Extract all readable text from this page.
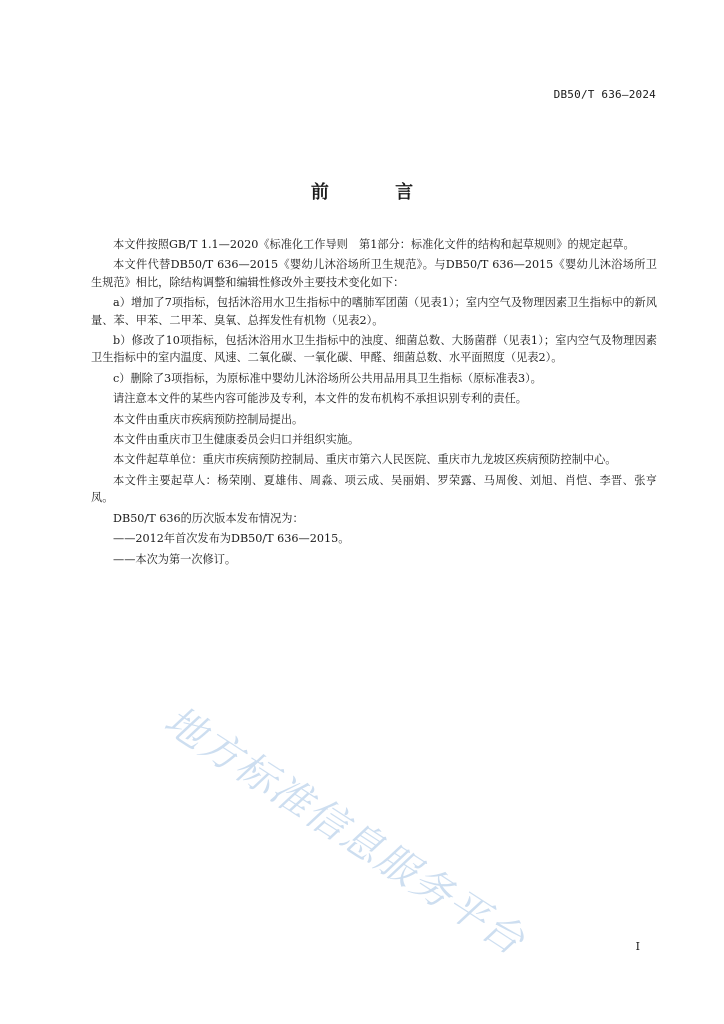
DB50/T 636—2024
前 言

本文件按照GB/T 1.1—2020《标准化工作导则　第1部分：标准化文件的结构和起草规则》的规定起草。

本文件代替DB50/T 636—2015《婴幼儿沐浴场所卫生规范》。与DB50/T 636—2015《婴幼儿沐浴场所卫生规范》相比，除结构调整和编辑性修改外主要技术变化如下：

a）增加了7项指标，包括沐浴用水卫生指标中的嗜肺军团菌（见表1）；室内空气及物理因素卫生指标中的新风量、苯、甲苯、二甲苯、臭氧、总挥发性有机物（见表2）。

b）修改了10项指标，包括沐浴用水卫生指标中的浊度、细菌总数、大肠菌群（见表1）；室内空气及物理因素卫生指标中的室内温度、风速、二氧化碳、一氧化碳、甲醛、细菌总数、水平面照度（见表2）。

c）删除了3项指标，为原标准中婴幼儿沐浴场所公共用品用具卫生指标（原标准表3）。

请注意本文件的某些内容可能涉及专利，本文件的发布机构不承担识别专利的责任。

本文件由重庆市疾病预防控制局提出。

本文件由重庆市卫生健康委员会归口并组织实施。

本文件起草单位：重庆市疾病预防控制局、重庆市第六人民医院、重庆市九龙坡区疾病预防控制中心。

本文件主要起草人：杨荣刚、夏雄伟、周淼、项云成、吴丽娟、罗荣露、马周俊、刘旭、肖恺、李晋、张亨凤。

DB50/T 636的历次版本发布情况为：

——2012年首次发布为DB50/T 636—2015。

——本次为第一次修订。

地方标准信息服务平台	I
